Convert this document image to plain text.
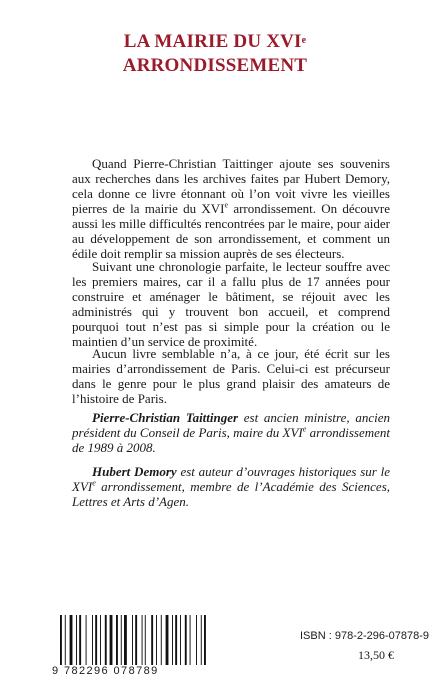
LA MAIRIE DU XVIe
ARRONDISSEMENT

Quand Pierre-Christian Taittinger ajoute ses souvenirs aux recherches dans les archives faites par Hubert Demory, cela donne ce livre étonnant où l’on voit vivre les vieilles pierres de la mairie du XVIe arrondissement. On découvre aussi les mille difficultés rencontrées par le maire, pour aider au développement de son arrondissement, et comment un édile doit remplir sa mission auprès de ses électeurs.

Suivant une chronologie parfaite, le lecteur souffre avec les premiers maires, car il a fallu plus de 17 années pour construire et aménager le bâtiment, se réjouit avec les administrés qui y trouvent bon accueil, et comprend pourquoi tout n’est pas si simple pour la création ou le maintien d’un service de proximité.

Aucun livre semblable n’a, à ce jour, été écrit sur les mairies d’arrondissement de Paris. Celui-ci est précurseur dans le genre pour le plus grand plaisir des amateurs de l’histoire de Paris.

Pierre-Christian Taittinger est ancien ministre, ancien président du Conseil de Paris, maire du XVIe arrondissement de 1989 à 2008.

Hubert Demory est auteur d’ouvrages historiques sur le XVIe arrondissement, membre de l’Académie des Sciences, Lettres et Arts d’Agen.

9 782296 078789
ISBN : 978-2-296-07878-9
13,50 €
